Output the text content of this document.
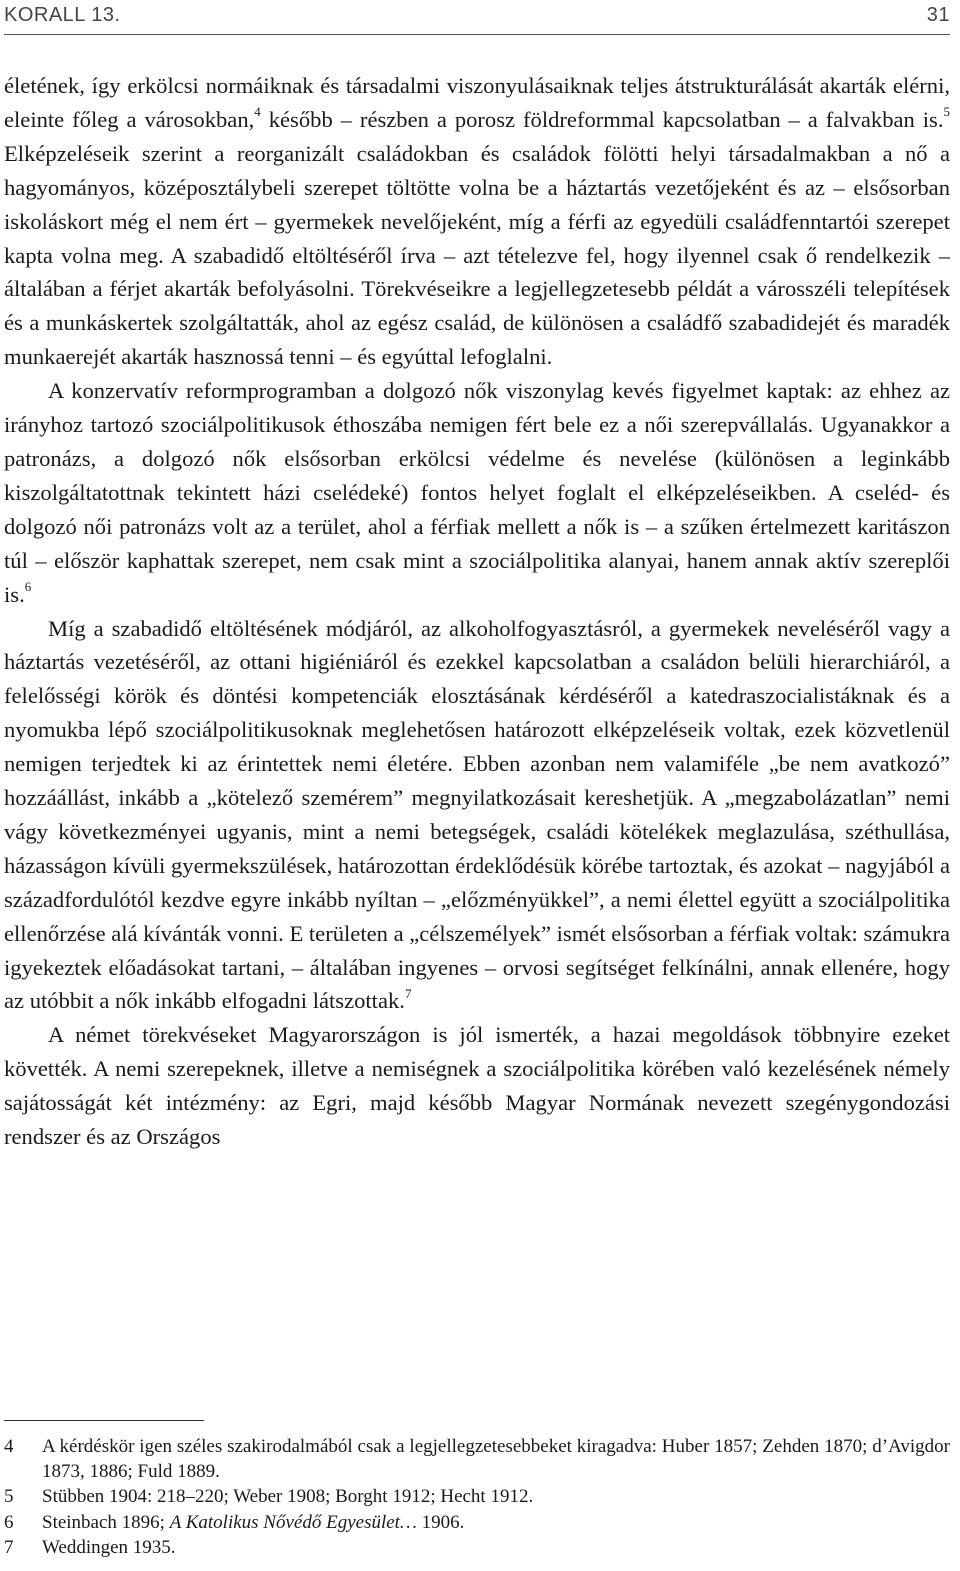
KORALL 13.	31

életének, így erkölcsi normáiknak és társadalmi viszonyulásaiknak teljes átstrukturálását akarták elérni, eleinte főleg a városokban,$^4$ később – részben a porosz földreformmal kapcsolatban – a falvakban is.$^5$ Elképzeléseik szerint a reorganizált családokban és családok fölötti helyi társadalmakban a nő a hagyományos, középosztálybeli szerepet töltötte volna be a háztartás vezetőjeként és az – elsősorban iskoláskort még el nem ért – gyermekek nevelőjeként, míg a férfi az egyedüli családfenntartói szerepet kapta volna meg. A szabadidő eltöltéséről írva – azt tételezve fel, hogy ilyennel csak ő rendelkezik – általában a férjet akarták befolyásolni. Törekvéseikre a legjellegzetesebb példát a városszéli telepítések és a munkáskertek szolgáltatták, ahol az egész család, de különösen a családfő szabadidejét és maradék munkaerejét akarták hasznossá tenni – és egyúttal lefoglalni.

A konzervatív reformprogramban a dolgozó nők viszonylag kevés figyelmet kaptak: az ehhez az irányhoz tartozó szociálpolitikusok éthoszába nemigen fért bele ez a női szerepvállalás. Ugyanakkor a patronázs, a dolgozó nők elsősorban erkölcsi védelme és nevelése (különösen a leginkább kiszolgáltatottnak tekintett házi cselédeké) fontos helyet foglalt el elképzeléseikben. A cseléd- és dolgozó női patronázs volt az a terület, ahol a férfiak mellett a nők is – a szűken értelmezett karitászon túl – először kaphattak szerepet, nem csak mint a szociálpolitika alanyai, hanem annak aktív szereplői is.$^6$

Míg a szabadidő eltöltésének módjáról, az alkoholfogyasztásról, a gyermekek neveléséről vagy a háztartás vezetéséről, az ottani higiéniáról és ezekkel kapcsolatban a családon belüli hierarchiáról, a felelősségi körök és döntési kompetenciák elosztásának kérdéséről a katedraszocialistáknak és a nyomukba lépő szociálpolitikusoknak meglehetősen határozott elképzeléseik voltak, ezek közvetlenül nemigen terjedtek ki az érintettek nemi életére. Ebben azonban nem valamiféle „be nem avatkozó” hozzáállást, inkább a „kötelező szemérem” megnyilatkozásait kereshetjük. A „megzabolázatlan” nemi vágy következményei ugyanis, mint a nemi betegségek, családi kötelékek meglazulása, széthullása, házasságon kívüli gyermekszülések, határozottan érdeklődésük körébe tartoztak, és azokat – nagyjából a századfordulótól kezdve egyre inkább nyíltan – „előzményükkel”, a nemi élettel együtt a szociálpolitika ellenőrzése alá kívánták vonni. E területen a „célszemélyek” ismét elsősorban a férfiak voltak: számukra igyekeztek előadásokat tartani, – általában ingyenes – orvosi segítséget felkínálni, annak ellenére, hogy az utóbbit a nők inkább elfogadni látszottak.$^7$

A német törekvéseket Magyarországon is jól ismerték, a hazai megoldások többnyire ezeket követték. A nemi szerepeknek, illetve a nemiségnek a szociálpolitika körében való kezelésének némely sajátosságát két intézmény: az Egri, majd később Magyar Normának nevezett szegénygondozási rendszer és az Országos

4 A kérdéskör igen széles szakirodalmából csak a legjellegzetesebbeket kiragadva: Huber 1857; Zehden 1870; d’Avigdor 1873, 1886; Fuld 1889.
5 Stübben 1904: 218–220; Weber 1908; Borght 1912; Hecht 1912.
6 Steinbach 1896; A Katolikus Nővédő Egyesület… 1906.
7 Weddingen 1935.
